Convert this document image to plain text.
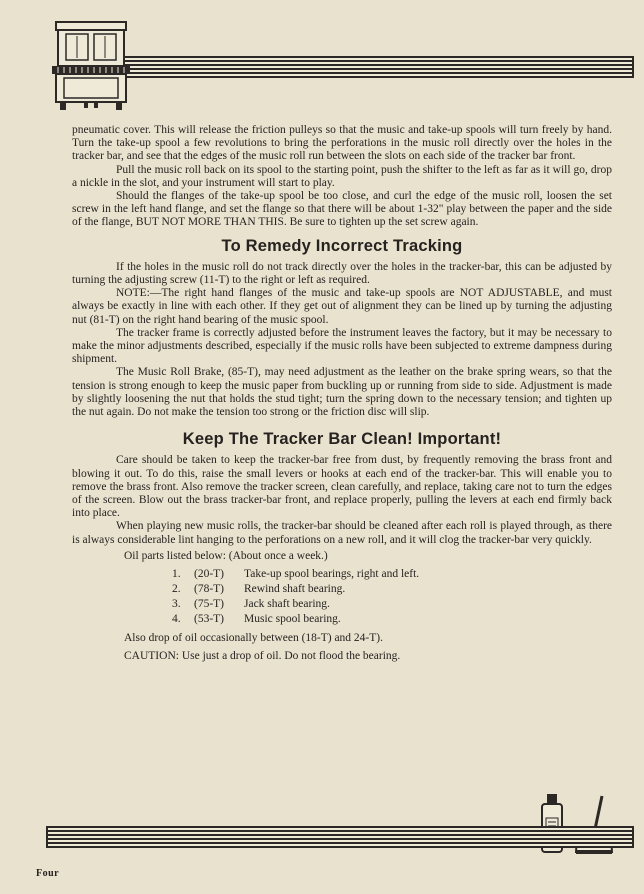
pneumatic cover. This will release the friction pulleys so that the music and take-up spools will turn freely by hand. Turn the take-up spool a few revolutions to bring the perforations in the music roll directly over the holes in the tracker bar, and see that the edges of the music roll run between the slots on each side of the tracker bar front.

Pull the music roll back on its spool to the starting point, push the shifter to the left as far as it will go, drop a nickle in the slot, and your instrument will start to play.

Should the flanges of the take-up spool be too close, and curl the edge of the music roll, loosen the set screw in the left hand flange, and set the flange so that there will be about 1-32" play between the paper and the side of the flange, BUT NOT MORE THAN THIS. Be sure to tighten up the set screw again.

To Remedy Incorrect Tracking

If the holes in the music roll do not track directly over the holes in the tracker-bar, this can be adjusted by turning the adjusting screw (11-T) to the right or left as required.

NOTE:—The right hand flanges of the music and take-up spools are NOT ADJUSTABLE, and must always be exactly in line with each other. If they get out of alignment they can be lined up by turning the adjusting nut (81-T) on the right hand bearing of the music spool.

The tracker frame is correctly adjusted before the instrument leaves the factory, but it may be necessary to make the minor adjustments described, especially if the music rolls have been subjected to extreme dampness during shipment.

The Music Roll Brake, (85-T), may need adjustment as the leather on the brake spring wears, so that the tension is strong enough to keep the music paper from buckling up or running from side to side. Adjustment is made by slightly loosening the nut that holds the stud tight; turn the spring down to the necessary tension; and tighten up the nut again. Do not make the tension too strong or the friction disc will slip.

Keep The Tracker Bar Clean! Important!

Care should be taken to keep the tracker-bar free from dust, by frequently removing the brass front and blowing it out. To do this, raise the small levers or hooks at each end of the tracker-bar. This will enable you to remove the brass front. Also remove the tracker screen, clean carefully, and replace, taking care not to turn the edges of the screen. Blow out the brass tracker-bar front, and replace properly, pulling the levers at each end firmly back into place.

When playing new music rolls, the tracker-bar should be cleaned after each roll is played through, as there is always considerable lint hanging to the perforations on a new roll, and it will clog the tracker-bar very quickly.

Oil parts listed below: (About once a week.)

1.	(20-T)	Take-up spool bearings, right and left.
2.	(78-T)	Rewind shaft bearing.
3.	(75-T)	Jack shaft bearing.
4.	(53-T)	Music spool bearing.

Also drop of oil occasionally between (18-T) and 24-T).

CAUTION: Use just a drop of oil. Do not flood the bearing.

Four
